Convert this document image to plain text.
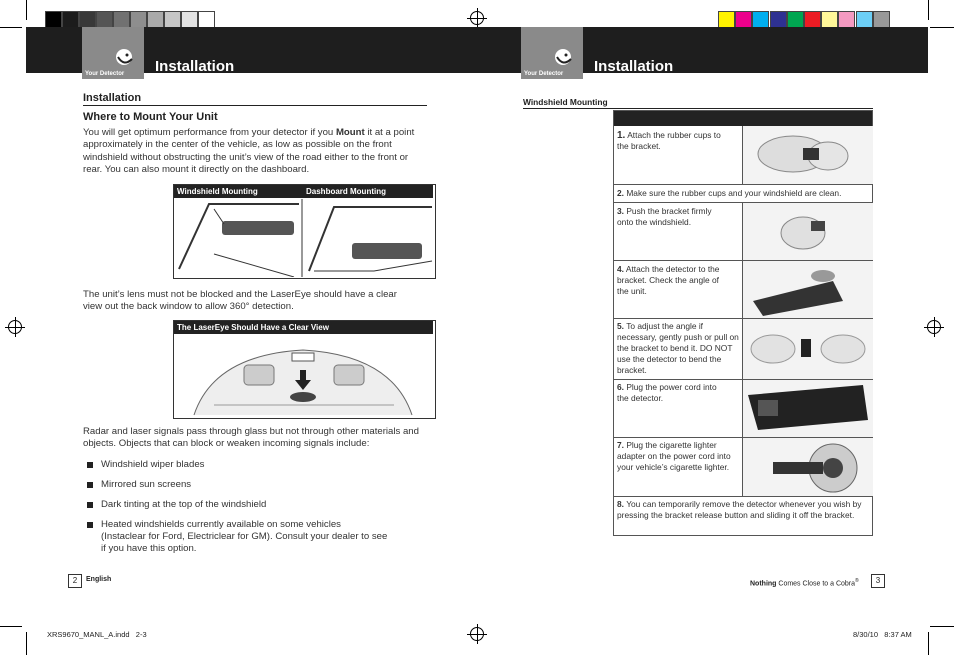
Your Detector Installation	Your Detector Installation
Installation
Where to Mount Your Unit
You will get optimum performance from your detector if you Mount it at a point approximately in the center of the vehicle, as low as possible on the front windshield without obstructing the unit’s view of the road either to the front or rear. You can also mount it directly on the dashboard.
Windshield Mounting	Dashboard Mounting
The unit’s lens must not be blocked and the LaserEye should have a clear view out the back window to allow 360° detection.
The LaserEye Should Have a Clear View
Radar and laser signals pass through glass but not through other materials and objects. Objects that can block or weaken incoming signals include:
Windshield wiper blades
Mirrored sun screens
Dark tinting at the top of the windshield
Heated windshields currently available on some vehicles (Instaclear for Ford, Electriclear for GM). Consult your dealer to see if you have this option.
2	English
Windshield Mounting
1. Attach the rubber cups to the bracket.
2. Make sure the rubber cups and your windshield are clean.
3. Push the bracket firmly onto the windshield.
4. Attach the detector to the bracket. Check the angle of the unit.
5. To adjust the angle if necessary, gently push or pull on the bracket to bend it. DO NOT use the detector to bend the bracket.
6. Plug the power cord into the detector.
7. Plug the cigarette lighter adapter on the power cord into your vehicle’s cigarette lighter.
8. You can temporarily remove the detector whenever you wish by pressing the bracket release button and sliding it off the bracket.
Nothing Comes Close to a Cobra®	3
XRS9670_MANL_A.indd   2-3	8/30/10   8:37 AM
